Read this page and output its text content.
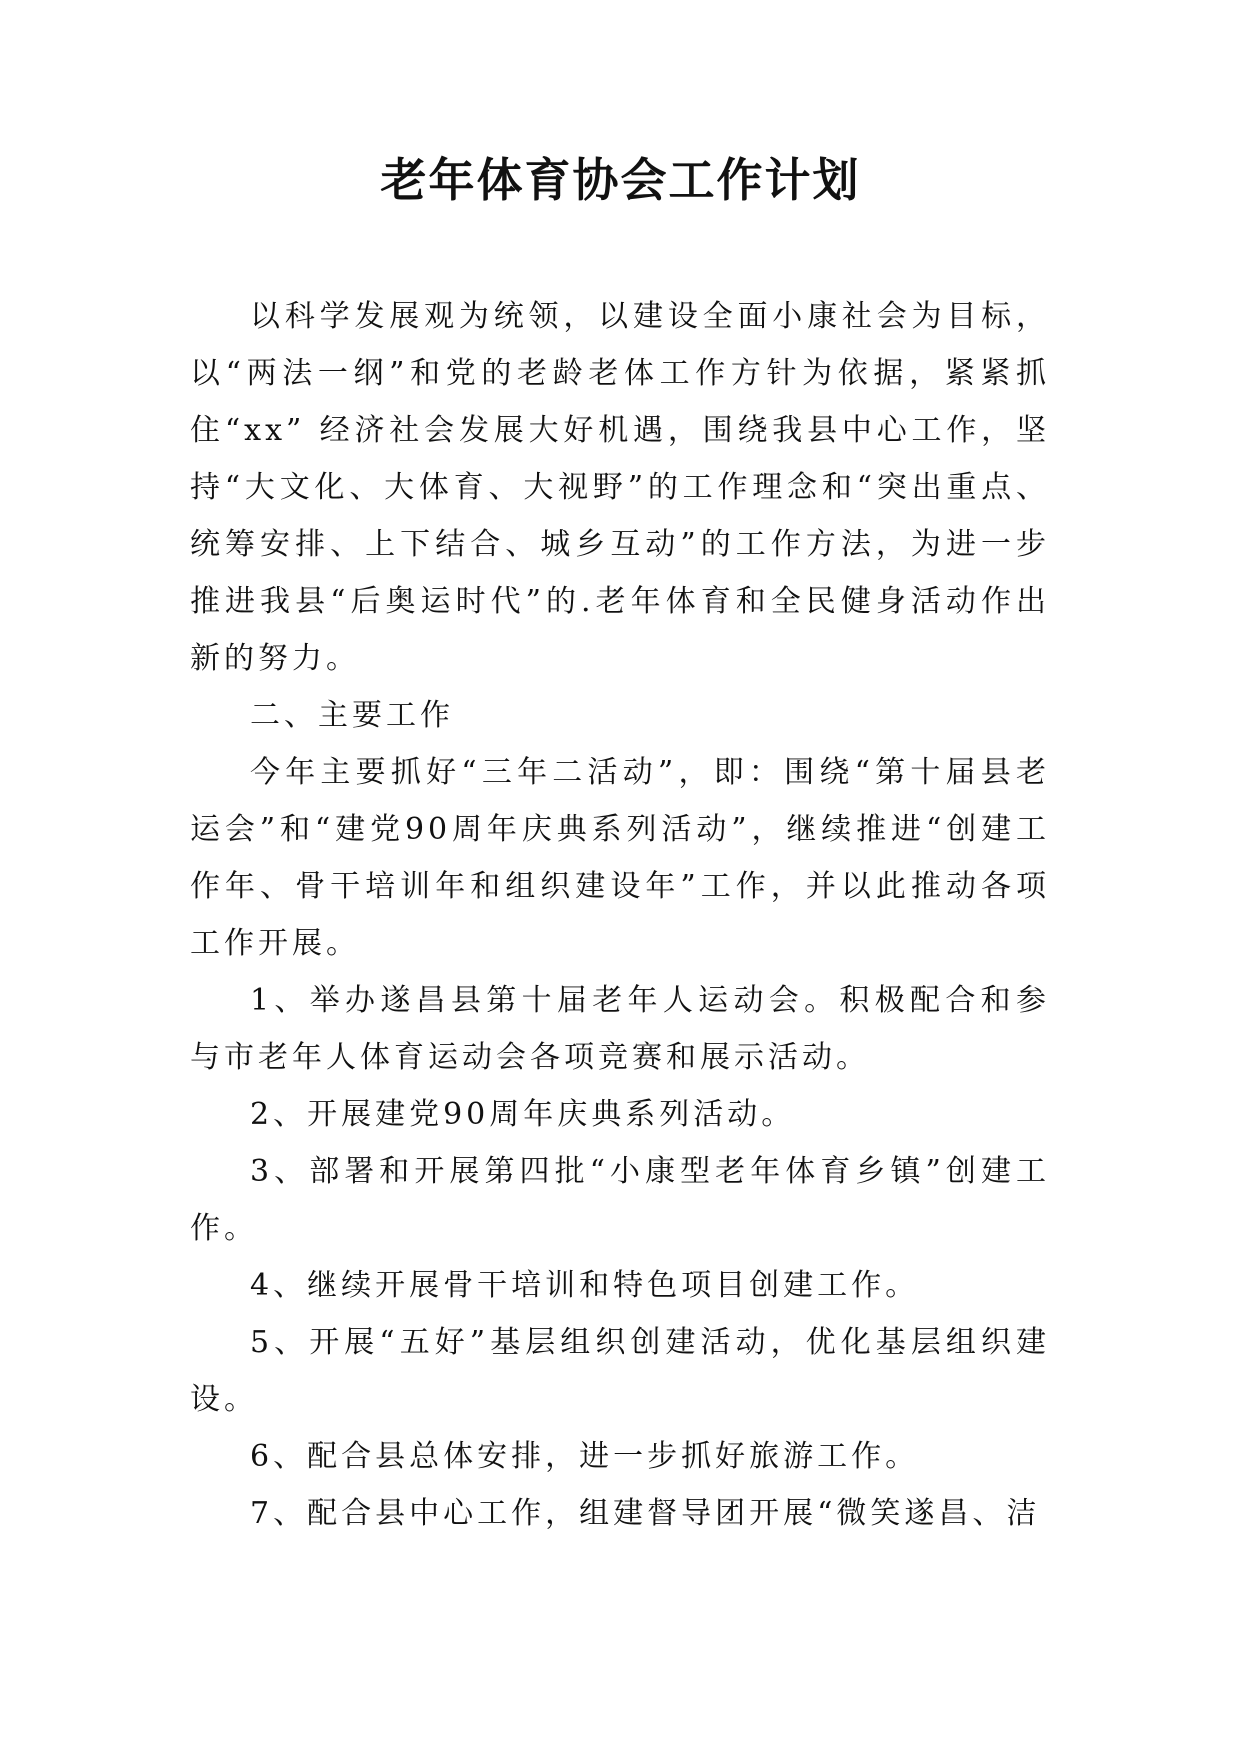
老年体育协会工作计划

以科学发展观为统领，以建设全面小康社会为目标，以“两法一纲”和党的老龄老体工作方针为依据，紧紧抓住“xx” 经济社会发展大好机遇，围绕我县中心工作，坚持“大文化、大体育、大视野”的工作理念和“突出重点、统筹安排、上下结合、城乡互动”的工作方法，为进一步推进我县“后奥运时代”的.老年体育和全民健身活动作出新的努力。

二、主要工作

今年主要抓好“三年二活动”，即：围绕“第十届县老运会”和“建党90周年庆典系列活动”，继续推进“创建工作年、骨干培训年和组织建设年”工作，并以此推动各项工作开展。

1、举办遂昌县第十届老年人运动会。积极配合和参与市老年人体育运动会各项竞赛和展示活动。

2、开展建党90周年庆典系列活动。

3、部署和开展第四批“小康型老年体育乡镇”创建工作。

4、继续开展骨干培训和特色项目创建工作。

5、开展“五好”基层组织创建活动，优化基层组织建设。

6、配合县总体安排，进一步抓好旅游工作。

7、配合县中心工作，组建督导团开展“微笑遂昌、洁
